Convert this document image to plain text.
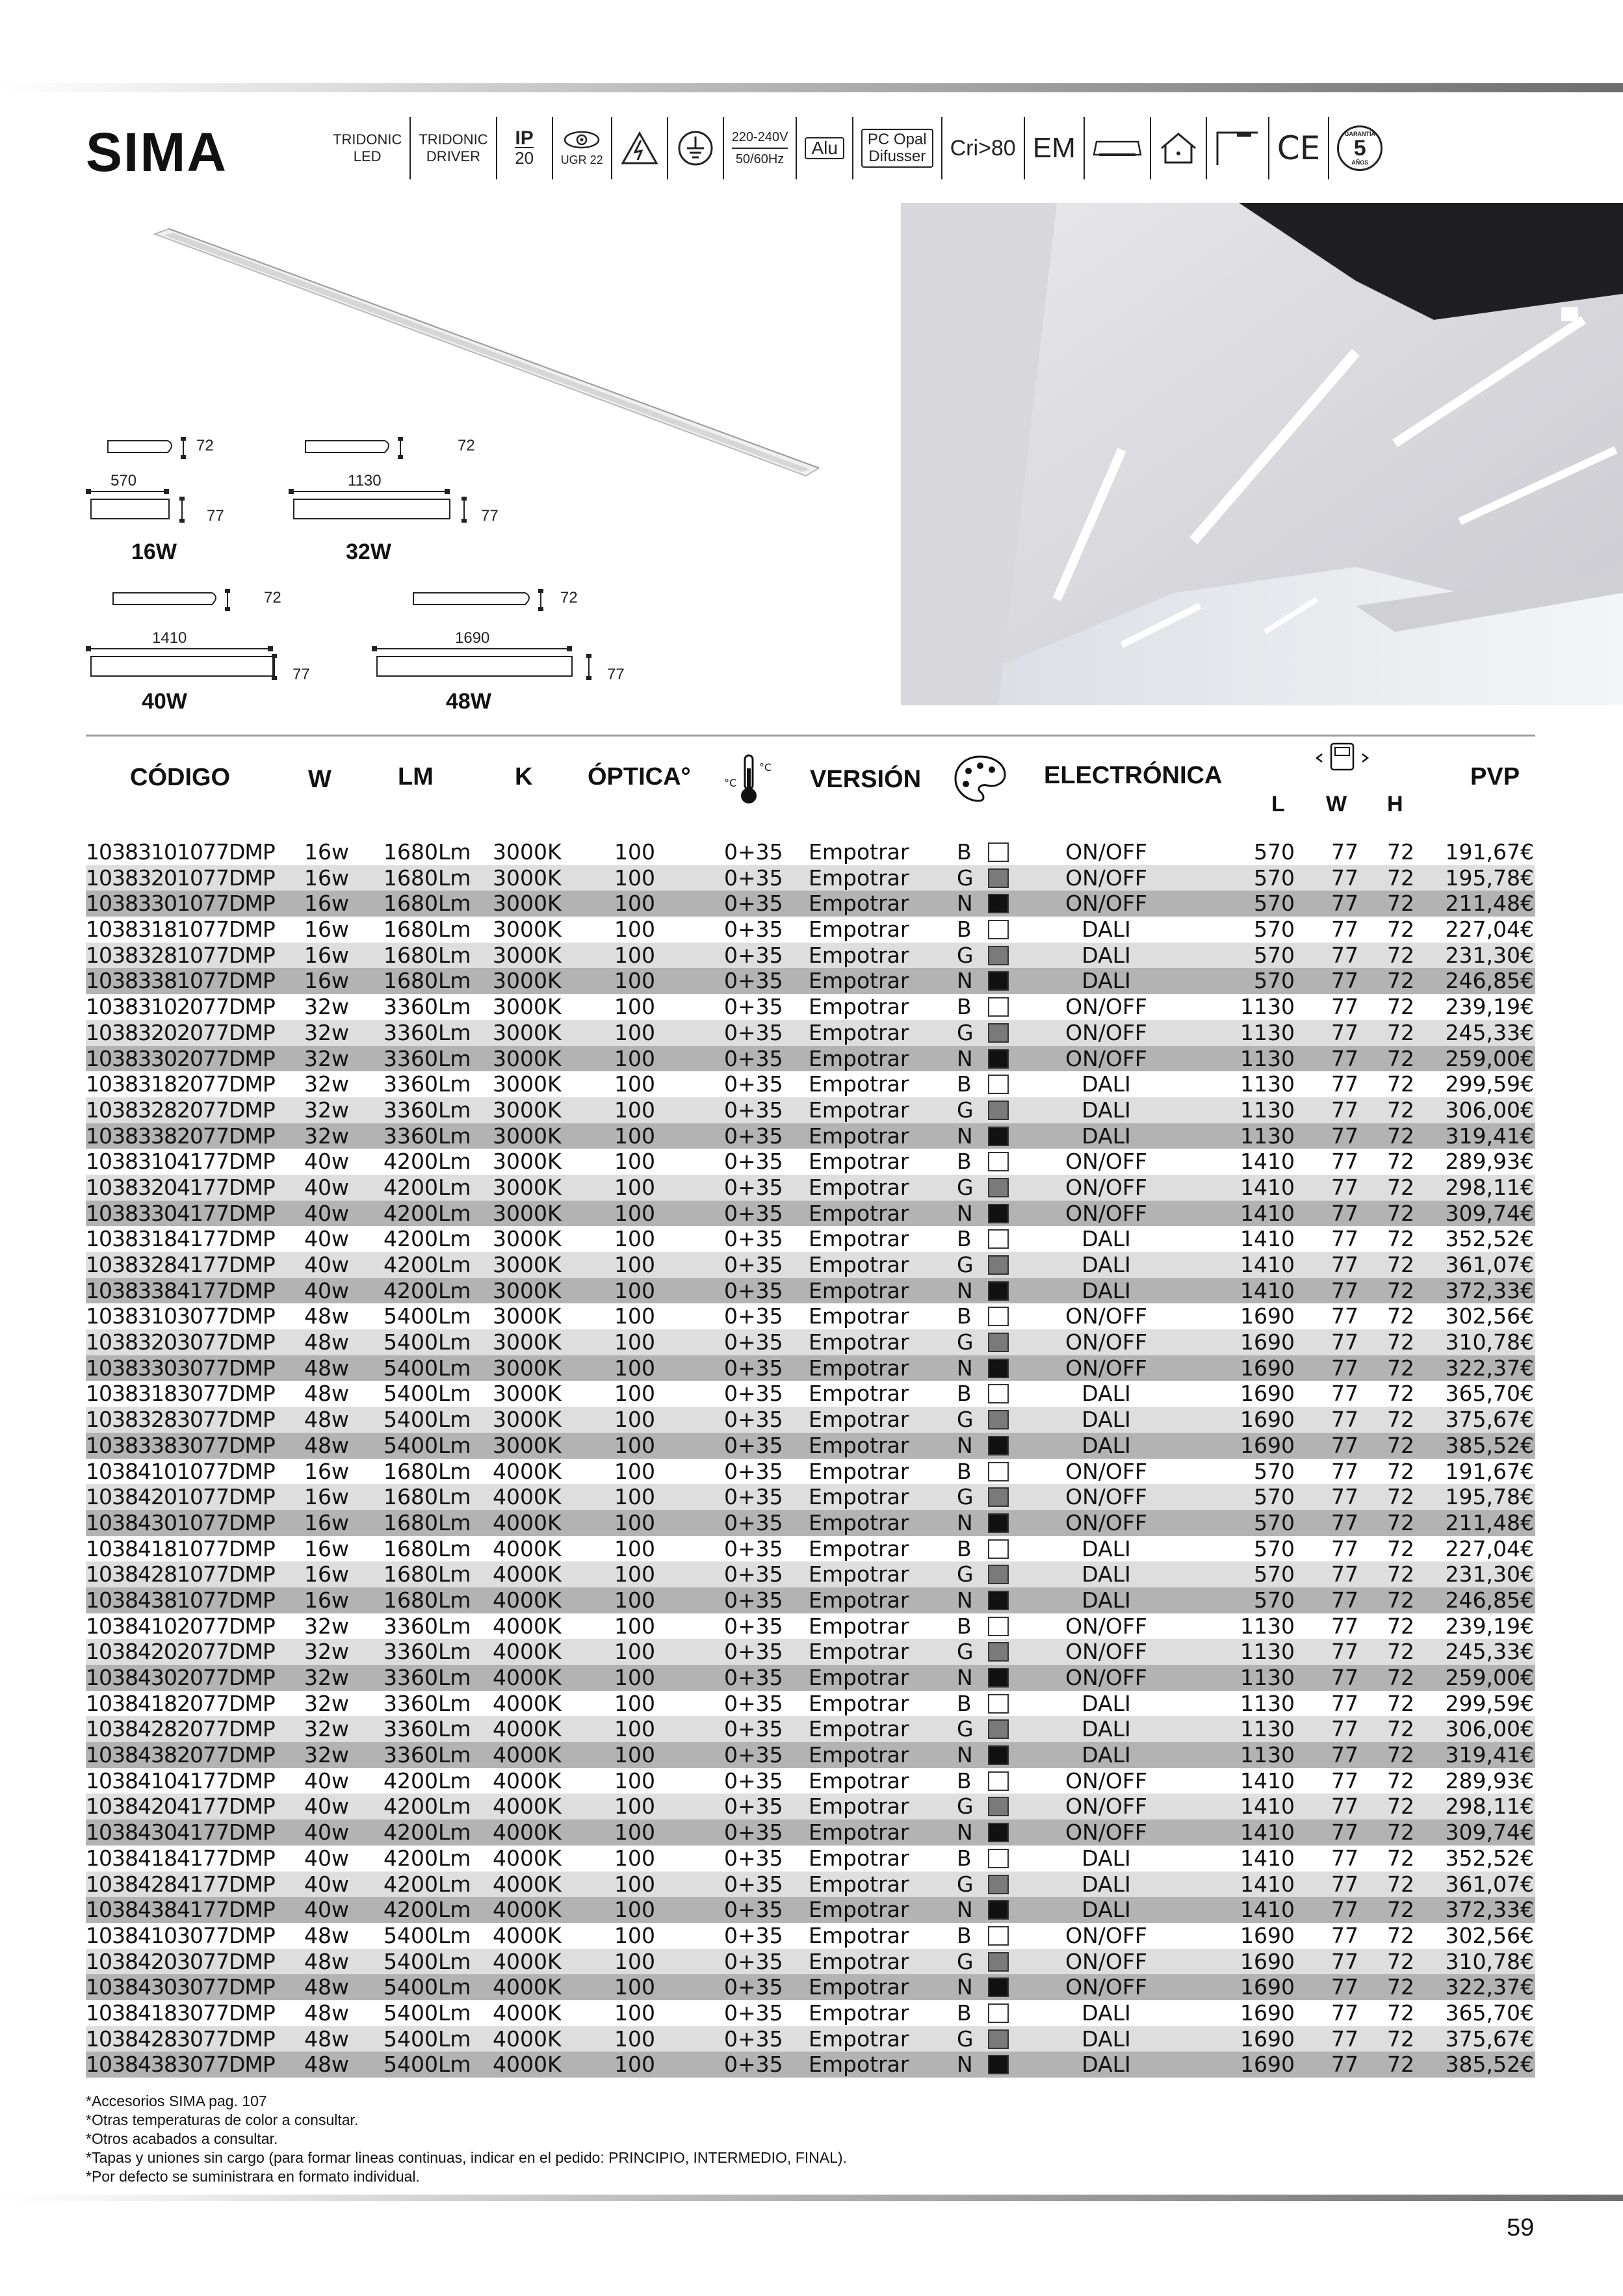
SIMA	TRIDONIC
LED
TRIDONIC
DRIVER
IP
20 UGR 22
220-240V
50/60Hz
Alu	PC Opal
Difusser Cri>80 EM	CE	GARANTÍA
5
AÑOS
72
570
77
16W
72
1130
77
32W
72
1410
77
40W
72
1690
77
48W
CÓDIGO	W	LM	K ÓPTICA°	°C
°C VERSIÓN	ELECTRÓNICA
L W H
PVP
10383101077DMP 16w 1680Lm 3000K 100	0+35 Empotrar B	ON/OFF	570	77	72	191,67€
10383201077DMP 16w 1680Lm 3000K 100	0+35 Empotrar G	ON/OFF	570	77	72	195,78€
10383301077DMP 16w 1680Lm 3000K 100	0+35 Empotrar N	ON/OFF	570	77	72	211,48€
10383181077DMP 16w 1680Lm 3000K 100	0+35 Empotrar B	DALI	570	77	72	227,04€
10383281077DMP 16w 1680Lm 3000K 100	0+35 Empotrar G	DALI	570	77	72	231,30€
10383381077DMP 16w 1680Lm 3000K 100	0+35 Empotrar N	DALI	570	77	72	246,85€
10383102077DMP 32w 3360Lm 3000K 100	0+35 Empotrar B	ON/OFF	1130	77	72	239,19€
10383202077DMP 32w 3360Lm 3000K 100	0+35 Empotrar G	ON/OFF	1130	77	72	245,33€
10383302077DMP 32w 3360Lm 3000K 100	0+35 Empotrar N	ON/OFF	1130	77	72	259,00€
10383182077DMP 32w 3360Lm 3000K 100	0+35 Empotrar B	DALI	1130	77	72	299,59€
10383282077DMP 32w 3360Lm 3000K 100	0+35 Empotrar G	DALI	1130	77	72	306,00€
10383382077DMP 32w 3360Lm 3000K 100	0+35 Empotrar N	DALI	1130	77	72	319,41€
10383104177DMP 40w 4200Lm 3000K 100	0+35 Empotrar B	ON/OFF	1410	77	72	289,93€
10383204177DMP 40w 4200Lm 3000K 100	0+35 Empotrar G	ON/OFF	1410	77	72	298,11€
10383304177DMP 40w 4200Lm 3000K 100	0+35 Empotrar N	ON/OFF	1410	77	72	309,74€
10383184177DMP 40w 4200Lm 3000K 100	0+35 Empotrar B	DALI	1410	77	72	352,52€
10383284177DMP 40w 4200Lm 3000K 100	0+35 Empotrar G	DALI	1410	77	72	361,07€
10383384177DMP 40w 4200Lm 3000K 100	0+35 Empotrar N	DALI	1410	77	72	372,33€
10383103077DMP 48w 5400Lm 3000K 100	0+35 Empotrar B	ON/OFF	1690	77	72	302,56€
10383203077DMP 48w 5400Lm 3000K 100	0+35 Empotrar G	ON/OFF	1690	77	72	310,78€
10383303077DMP 48w 5400Lm 3000K 100	0+35 Empotrar N	ON/OFF	1690	77	72	322,37€
10383183077DMP 48w 5400Lm 3000K 100	0+35 Empotrar B	DALI	1690	77	72	365,70€
10383283077DMP 48w 5400Lm 3000K 100	0+35 Empotrar G	DALI	1690	77	72	375,67€
10383383077DMP 48w 5400Lm 3000K 100	0+35 Empotrar N	DALI	1690	77	72	385,52€
10384101077DMP 16w 1680Lm 4000K 100	0+35 Empotrar B	ON/OFF	570	77	72	191,67€
10384201077DMP 16w 1680Lm 4000K 100	0+35 Empotrar G	ON/OFF	570	77	72	195,78€
10384301077DMP 16w 1680Lm 4000K 100	0+35 Empotrar N	ON/OFF	570	77	72	211,48€
10384181077DMP 16w 1680Lm 4000K 100	0+35 Empotrar B	DALI	570	77	72	227,04€
10384281077DMP 16w 1680Lm 4000K 100	0+35 Empotrar G	DALI	570	77	72	231,30€
10384381077DMP 16w 1680Lm 4000K 100	0+35 Empotrar N	DALI	570	77	72	246,85€
10384102077DMP 32w 3360Lm 4000K 100	0+35 Empotrar B	ON/OFF	1130	77	72	239,19€
10384202077DMP 32w 3360Lm 4000K 100	0+35 Empotrar G	ON/OFF	1130	77	72	245,33€
10384302077DMP 32w 3360Lm 4000K 100	0+35 Empotrar N	ON/OFF	1130	77	72	259,00€
10384182077DMP 32w 3360Lm 4000K 100	0+35 Empotrar B	DALI	1130	77	72	299,59€
10384282077DMP 32w 3360Lm 4000K 100	0+35 Empotrar G	DALI	1130	77	72	306,00€
10384382077DMP 32w 3360Lm 4000K 100	0+35 Empotrar N	DALI	1130	77	72	319,41€
10384104177DMP 40w 4200Lm 4000K 100	0+35 Empotrar B	ON/OFF	1410	77	72	289,93€
10384204177DMP 40w 4200Lm 4000K 100	0+35 Empotrar G	ON/OFF	1410	77	72	298,11€
10384304177DMP 40w 4200Lm 4000K 100	0+35 Empotrar N	ON/OFF	1410	77	72	309,74€
10384184177DMP 40w 4200Lm 4000K 100	0+35 Empotrar B	DALI	1410	77	72	352,52€
10384284177DMP 40w 4200Lm 4000K 100	0+35 Empotrar G	DALI	1410	77	72	361,07€
10384384177DMP 40w 4200Lm 4000K 100	0+35 Empotrar N	DALI	1410	77	72	372,33€
10384103077DMP 48w 5400Lm 4000K 100	0+35 Empotrar B	ON/OFF	1690	77	72	302,56€
10384203077DMP 48w 5400Lm 4000K 100	0+35 Empotrar G	ON/OFF	1690	77	72	310,78€
10384303077DMP 48w 5400Lm 4000K 100	0+35 Empotrar N	ON/OFF	1690	77	72	322,37€
10384183077DMP 48w 5400Lm 4000K 100	0+35 Empotrar B	DALI	1690	77	72	365,70€
10384283077DMP 48w 5400Lm 4000K 100	0+35 Empotrar G	DALI	1690	77	72	375,67€
10384383077DMP 48w 5400Lm 4000K 100	0+35 Empotrar N	DALI	1690	77	72	385,52€
*Accesorios SIMA pag. 107
*Otras temperaturas de color a consultar.
*Otros acabados a consultar.
*Tapas y uniones sin cargo (para formar lineas continuas, indicar en el pedido: PRINCIPIO, INTERMEDIO, FINAL).
*Por defecto se suministrara en formato individual.
59
